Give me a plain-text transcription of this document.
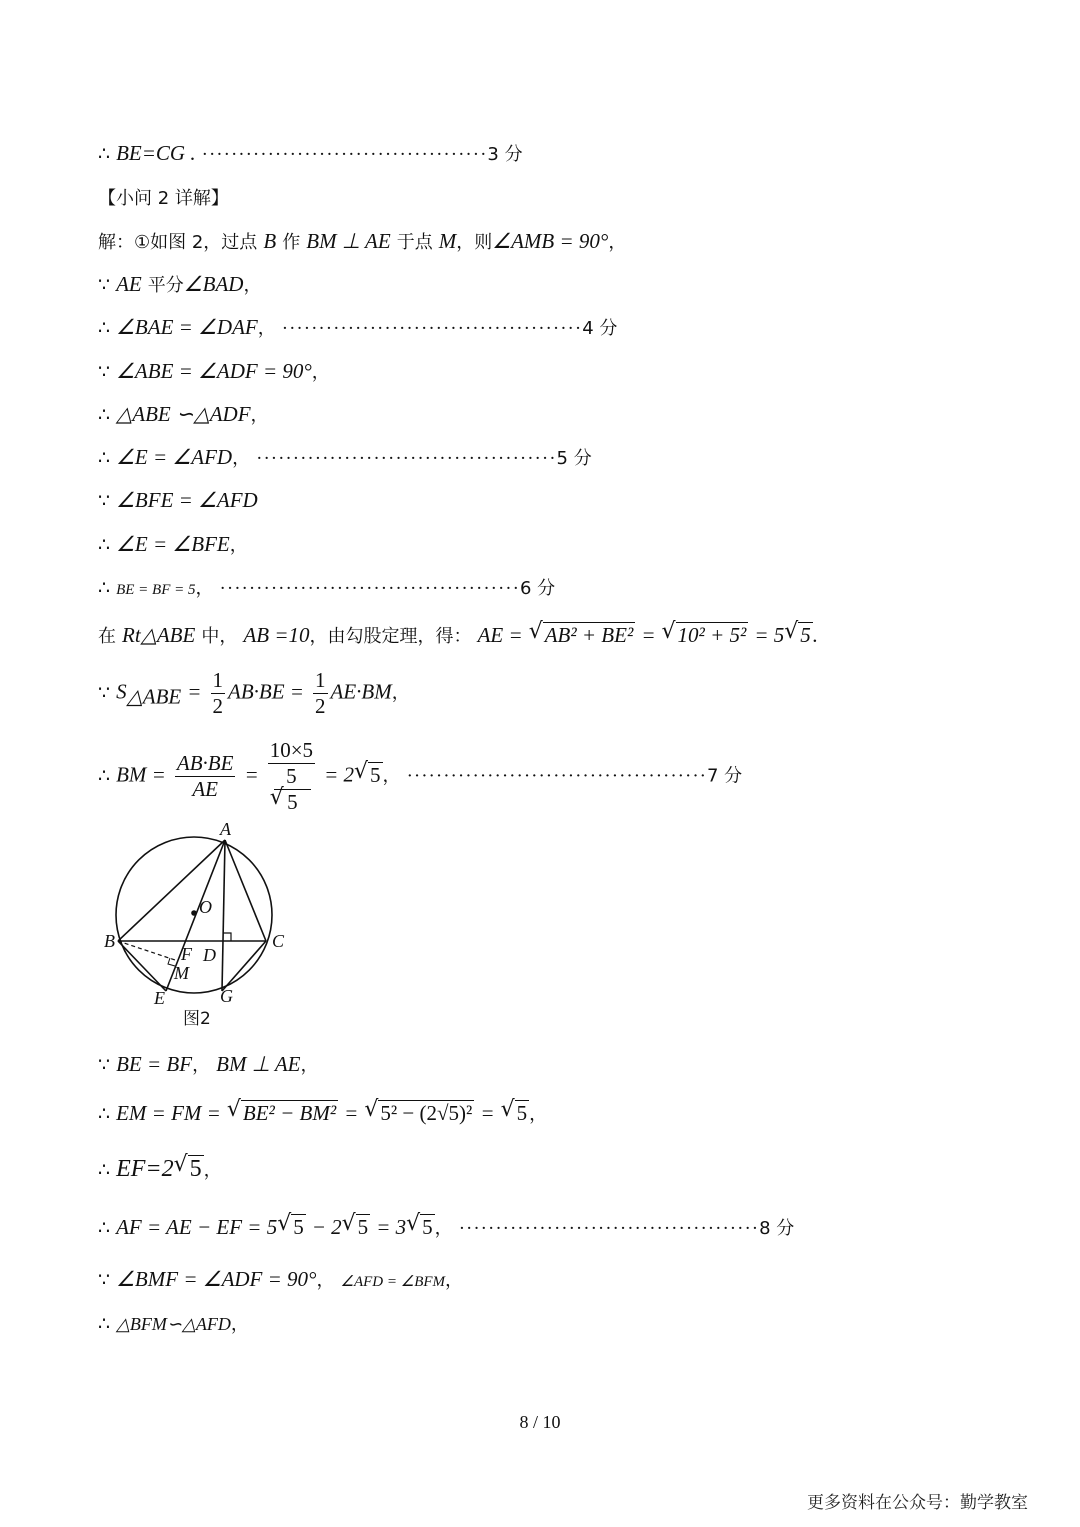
∴ BE=CG . ·······································3 分
【小问 2 详解】
解：①如图 2，过点 B 作 BM ⊥ AE 于点 M，则∠AMB = 90°，
∵ AE 平分∠BAD，
∴ ∠BAE = ∠DAF， ·········································4 分
∵ ∠ABE = ∠ADF = 90°，
∴ △ABE ∽△ADF，
∴ ∠E = ∠AFD， ·········································5 分
∵ ∠BFE = ∠AFD
∴ ∠E = ∠BFE，
∴ BE = BF = 5， ·········································6 分
在 Rt△ABE 中， AB =10，由勾股定理，得： AE = √ AB² + BE² = √ 10² + 5² = 5 √ 5.
∵ $S_{\triangle ABE} = \frac{1}{2} AB\cdot BE = \frac{1}{2} AE\cdot BM$，
∴ BM = $\frac{AB\cdot BE}{AE} = 10\times 5$
5
√ 5 = 2 √ 5 ， ·········································7 分
A
O
B	C
F D
M
E	G
图2
∵ BE = BF， BM ⊥ AE，
∴ EM = FM = √ BE² − BM² = √ 5² − (2√5)² = √ 5 ，
∴ EF=2 √ 5 ，
∴ AF = AE − EF = 5 √ 5 − 2 √ 5 = 3 √ 5 ， ·········································8 分
∵ ∠BMF = ∠ADF = 90°， ∠AFD = ∠BFM，
∴ △BFM∽△AFD，
8 / 10
更多资料在公众号：勤学教室
